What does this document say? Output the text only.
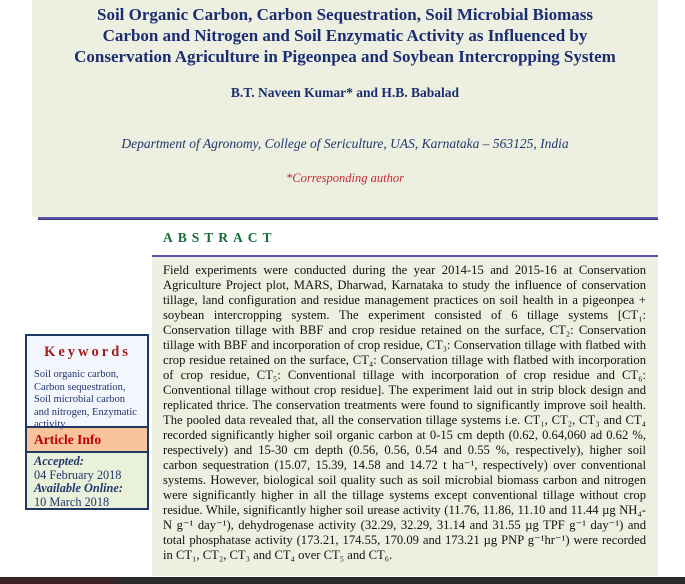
Soil Organic Carbon, Carbon Sequestration, Soil Microbial Biomass Carbon and Nitrogen and Soil Enzymatic Activity as Influenced by Conservation Agriculture in Pigeonpea and Soybean Intercropping System
B.T. Naveen Kumar* and H.B. Babalad
Department of Agronomy, College of Sericulture, UAS, Karnataka – 563125, India
*Corresponding author
ABSTRACT

Field experiments were conducted during the year 2014-15 and 2015-16 at Conservation Agriculture Project plot, MARS, Dharwad, Karnataka to study the influence of conservation tillage, land configuration and residue management practices on soil health in a pigeonpea + soybean intercropping system. The experiment consisted of 6 tillage systems [CT₁: Conservation tillage with BBF and crop residue retained on the surface, CT₂: Conservation tillage with BBF and incorporation of crop residue, CT₃: Conservation tillage with flatbed with crop residue retained on the surface, CT₄: Conservation tillage with flatbed with incorporation of crop residue, CT₅: Conventional tillage with incorporation of crop residue and CT₆: Conventional tillage without crop residue]. The experiment laid out in strip block design and replicated thrice. The conservation treatments were found to significantly improve soil health. The pooled data revealed that, all the conservation tillage systems i.e. CT₁, CT₂, CT₃ and CT₄ recorded significantly higher soil organic carbon at 0-15 cm depth (0.62, 0.64,060 ad 0.62 %, respectively) and 15-30 cm depth (0.56, 0.56, 0.54 and 0.55 %, respectively), higher soil carbon sequestration (15.07, 15.39, 14.58 and 14.72 t ha⁻¹, respectively) over conventional systems. However, biological soil quality such as soil microbial biomass carbon and nitrogen were significantly higher in all the tillage systems except conventional tillage without crop residue. While, significantly higher soil urease activity (11.76, 11.86, 11.10 and 11.44 µg NH₄-N g⁻¹ day⁻¹), dehydrogenase activity (32.29, 32.29, 31.14 and 31.55 µg TPF g⁻¹ day⁻¹) and total phosphatase activity (173.21, 174.55, 170.09 and 173.21 µg PNP g⁻¹hr⁻¹) were recorded in CT₁, CT₂, CT₃ and CT₄ over CT₅ and CT₆.

Keywords
Soil organic carbon, Carbon sequestration, Soil microbial carbon and nitrogen, Enzymatic activity
Article Info
Accepted:
04 February 2018
Available Online:
10 March 2018
